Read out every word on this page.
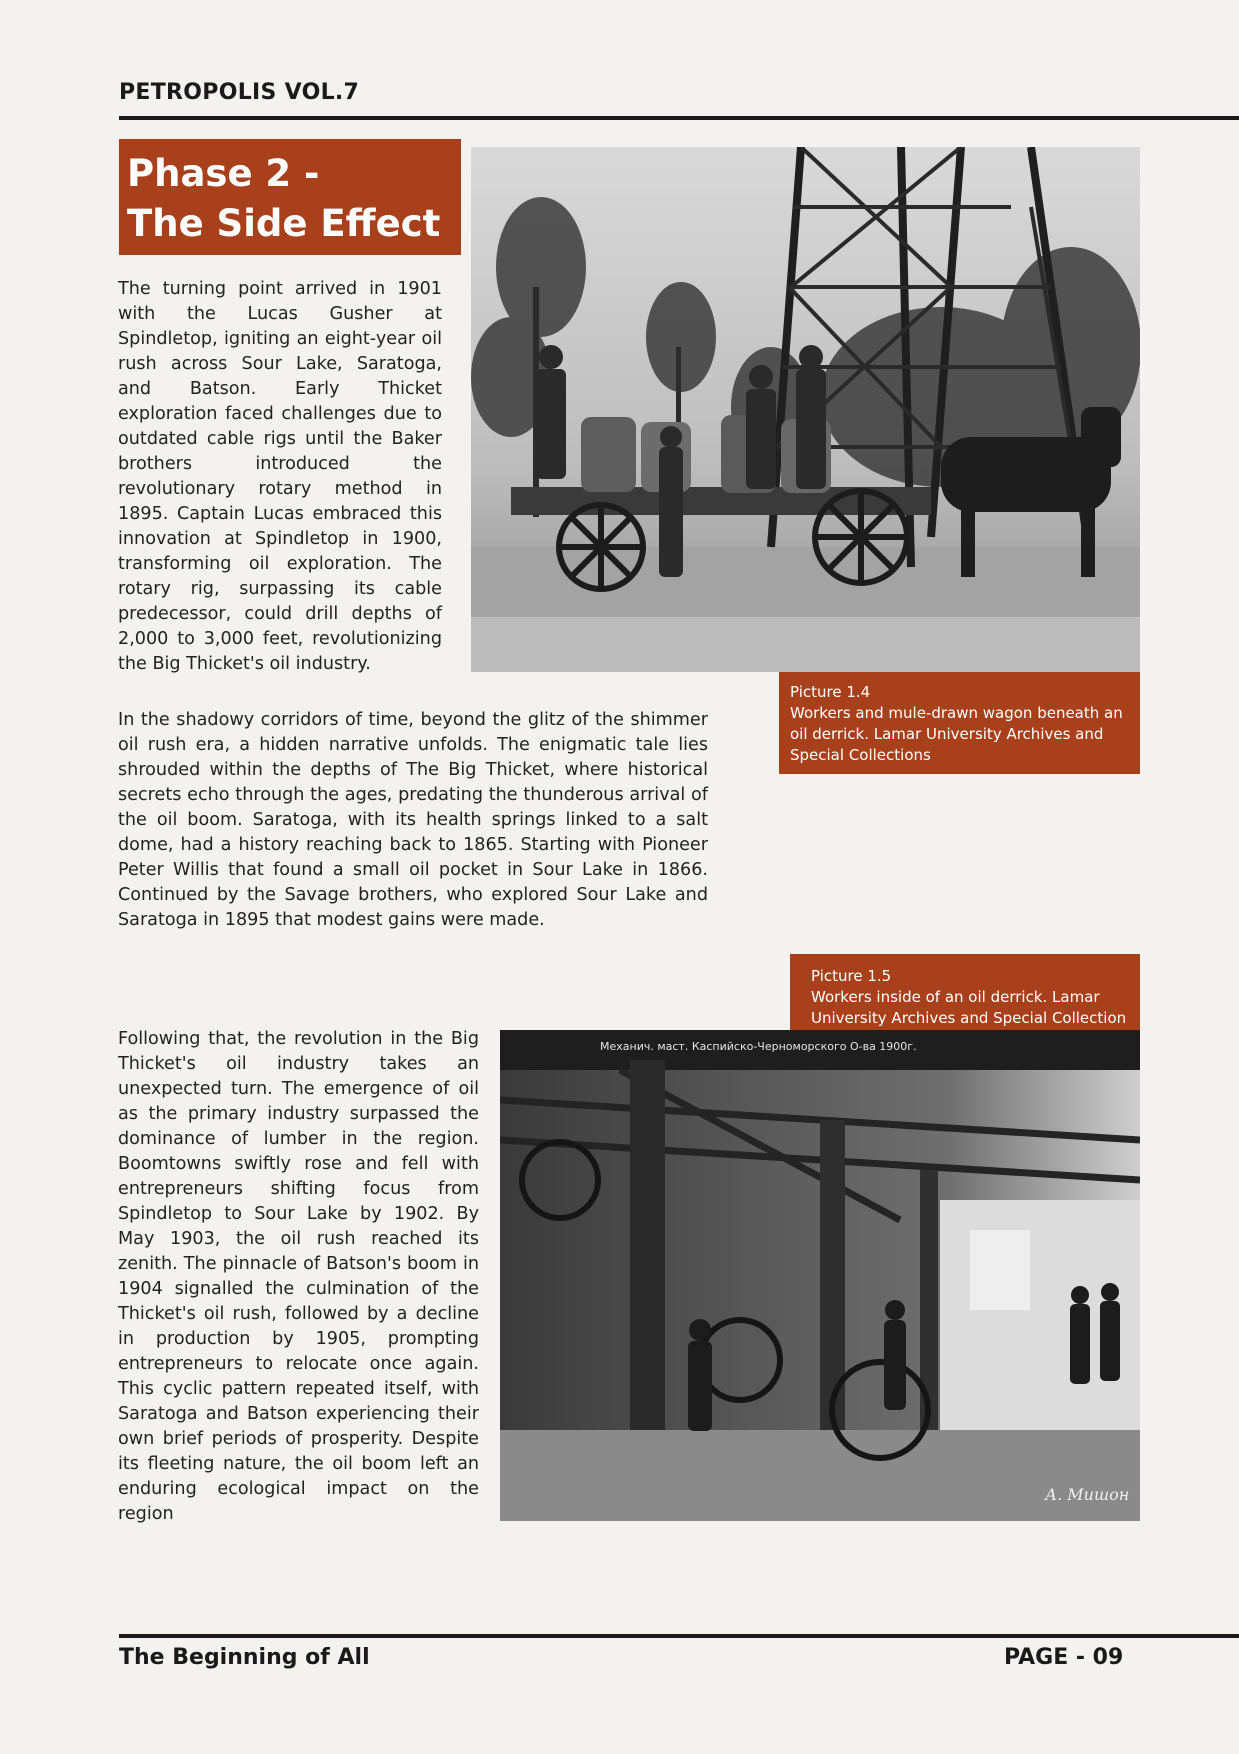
PETROPOLIS VOL.7
Phase 2 -
The Side Effect

The turning point arrived in 1901 with the Lucas Gusher at Spindletop, igniting an eight-year oil rush across Sour Lake, Saratoga, and Batson. Early Thicket exploration faced challenges due to outdated cable rigs until the Baker brothers introduced the revolutionary rotary method in 1895. Captain Lucas embraced this innovation at Spindletop in 1900, transforming oil exploration. The rotary rig, surpassing its cable predecessor, could drill depths of 2,000 to 3,000 feet, revolutionizing the Big Thicket's oil industry.

Picture 1.4
Workers and mule-drawn wagon beneath an oil derrick. Lamar University Archives and Special Collections

In the shadowy corridors of time, beyond the glitz of the shimmer oil rush era, a hidden narrative unfolds. The enigmatic tale lies shrouded within the depths of The Big Thicket, where historical secrets echo through the ages, predating the thunderous arrival of the oil boom. Saratoga, with its health springs linked to a salt dome, had a history reaching back to 1865. Starting with Pioneer Peter Willis that found a small oil pocket in Sour Lake in 1866. Continued by the Savage brothers, who explored Sour Lake and Saratoga in 1895 that modest gains were made.

Picture 1.5
Workers inside of an oil derrick. Lamar University Archives and Special Collection

Following that, the revolution in the Big Thicket's oil industry takes an unexpected turn. The emergence of oil as the primary industry surpassed the dominance of lumber in the region. Boomtowns swiftly rose and fell with entrepreneurs shifting focus from Spindletop to Sour Lake by 1902. By May 1903, the oil rush reached its zenith. The pinnacle of Batson's boom in 1904 signalled the culmination of the Thicket's oil rush, followed by a decline in production by 1905, prompting entrepreneurs to relocate once again. This cyclic pattern repeated itself, with Saratoga and Batson experiencing their own brief periods of prosperity. Despite its fleeting nature, the oil boom left an enduring ecological impact on the region

Механич. маст. Каспийско-Черноморского О-ва 1900г.
А. Мишон
The Beginning of All	PAGE - 09
